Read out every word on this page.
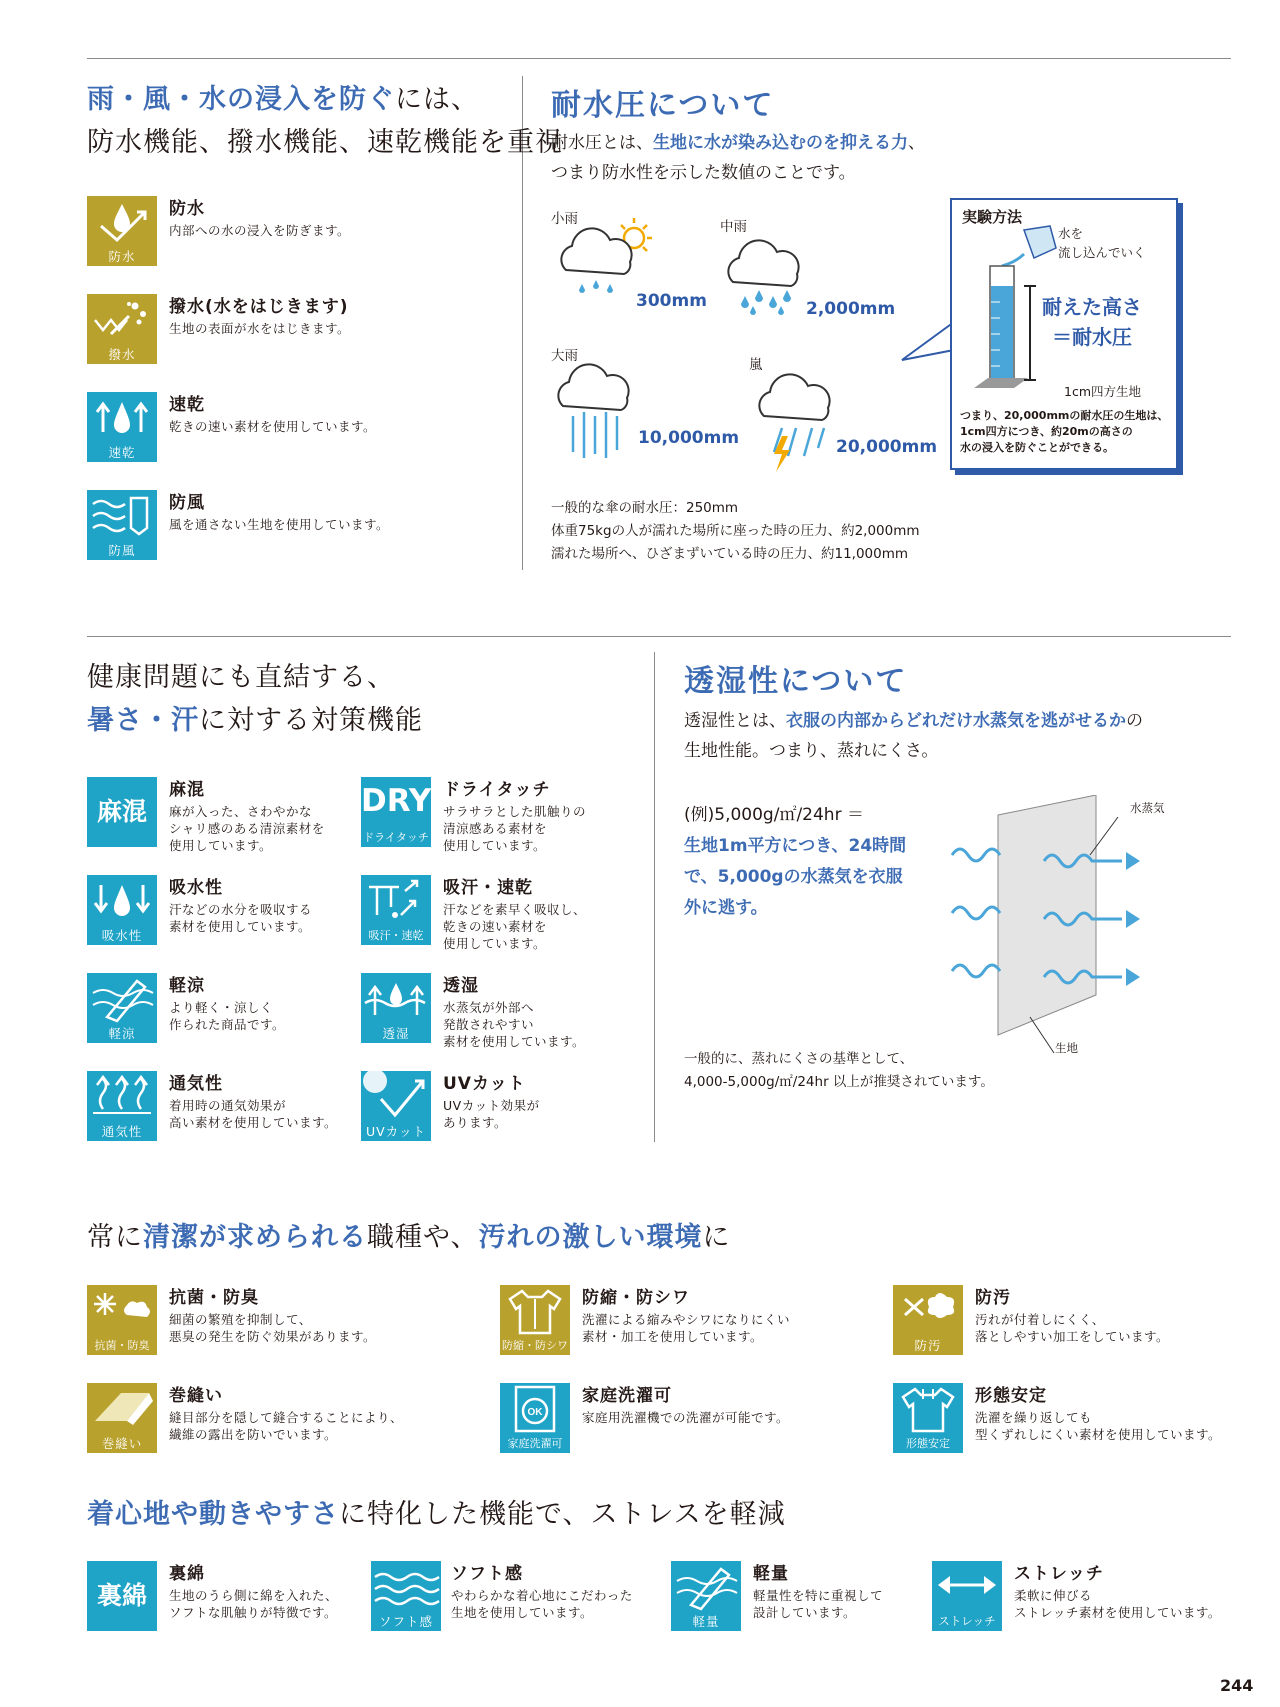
雨・風・水の浸入を防ぐには、
防水機能、撥水機能、速乾機能を重視
防水
防水
内部への水の浸入を防ぎます。
撥水
撥水(水をはじきます)
生地の表面が水をはじきます。
速乾
速乾
乾きの速い素材を使用しています。
防風
防風
風を通さない生地を使用しています。
耐水圧について
耐水圧とは、生地に水が染み込むのを抑える力、
つまり防水性を示した数値のことです。
小雨
300mm
中雨
2,000mm
大雨
10,000mm
嵐
20,000mm
実験方法
水を
流し込んでいく
耐えた高さ
＝耐水圧
1cm四方生地
つまり、20,000mmの耐水圧の生地は、
1cm四方につき、約20mの高さの
水の浸入を防ぐことができる。
一般的な傘の耐水圧：250mm
体重75kgの人が濡れた場所に座った時の圧力、約2,000mm
濡れた場所へ、ひざまずいている時の圧力、約11,000mm
健康問題にも直結する、
暑さ・汗に対する対策機能
麻混
麻混
麻が入った、さわやかな
シャリ感のある清涼素材を
使用しています。
吸水性
吸水性
汗などの水分を吸収する
素材を使用しています。
軽涼
軽涼
より軽く・涼しく
作られた商品です。
通気性
通気性
着用時の通気効果が
高い素材を使用しています。
DRY
ドライタッチ
ドライタッチ
サラサラとした肌触りの
清涼感ある素材を
使用しています。
吸汗・速乾
吸汗・速乾
汗などを素早く吸収し、
乾きの速い素材を
使用しています。
透湿
透湿
水蒸気が外部へ
発散されやすい
素材を使用しています。
UVカット
UVカット
UVカット効果が
あります。
透湿性について
透湿性とは、衣服の内部からどれだけ水蒸気を逃がせるかの
生地性能。つまり、蒸れにくさ。
(例)5,000g/㎡/24hr ＝
生地1m平方につき、24時間
で、5,000gの水蒸気を衣服
外に逃す。
水蒸気
生地
一般的に、蒸れにくさの基準として、
4,000-5,000g/㎡/24hr 以上が推奨されています。
常に清潔が求められる職種や、汚れの激しい環境に
抗菌・防臭
抗菌・防臭
細菌の繁殖を抑制して、
悪臭の発生を防ぐ効果があります。
防縮・防シワ
防縮・防シワ
洗濯による縮みやシワになりにくい
素材・加工を使用しています。
防汚
防汚
汚れが付着しにくく、
落としやすい加工をしています。
巻縫い
巻縫い
縫目部分を隠して縫合することにより、
繊維の露出を防いでいます。
OK
家庭洗濯可
家庭洗濯可
家庭用洗濯機での洗濯が可能です。
形態安定
形態安定
洗濯を繰り返しても
型くずれしにくい素材を使用しています。
着心地や動きやすさに特化した機能で、ストレスを軽減
裏綿
裏綿
生地のうら側に綿を入れた、
ソフトな肌触りが特徴です。
ソフト感
ソフト感
やわらかな着心地にこだわった
生地を使用しています。
軽量
軽量
軽量性を特に重視して
設計しています。
ストレッチ
ストレッチ
柔軟に伸びる
ストレッチ素材を使用しています。
244
